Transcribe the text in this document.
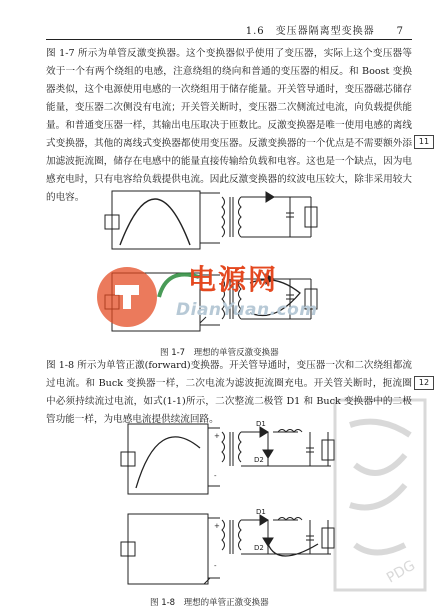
1.6　变压器隔离型变换器　　7
图 1-7 所示为单管反激变换器。这个变换器似乎使用了变压器，实际上这个变压器等效于一个有两个绕组的电感，注意绕组的绕向和普通的变压器的相反。和 Boost 变换器类似，这个电源使用电感的一次绕组用于储存能量。开关管导通时，变压器磁芯储存能量，变压器二次侧没有电流；开关管关断时，变压器二次侧流过电流，向负载提供能量。和普通变压器一样，其输出电压取决于匝数比。反激变换器是唯一使用电感的离线式变换器，其他的离线式变换器都使用变压器。反激变换器的一个优点是不需要额外添加滤波扼流圈，储存在电感中的能量直接传输给负载和电容。这也是一个缺点，因为电感充电时，只有电容给负载提供电流。因此反激变换器的纹波电压较大，除非采用较大的电容。
11
电源网
DianYuan.com
图 1-7　理想的单管反激变换器
图 1-8 所示为单管正激(forward)变换器。开关管导通时，变压器一次和二次绕组都流过电流。和 Buck 变换器一样，二次电流为滤波扼流圈充电。开关管关断时，扼流圈中必须持续流过电流，如式(1-1)所示，二次整流二极管 D1 和 Buck 变换器中的二极管功能一样，为电感电流提供续流回路。
12
D1
D2
D1
D2
+
-
+
-	PDG
图 1-8　理想的单管正激变换器
